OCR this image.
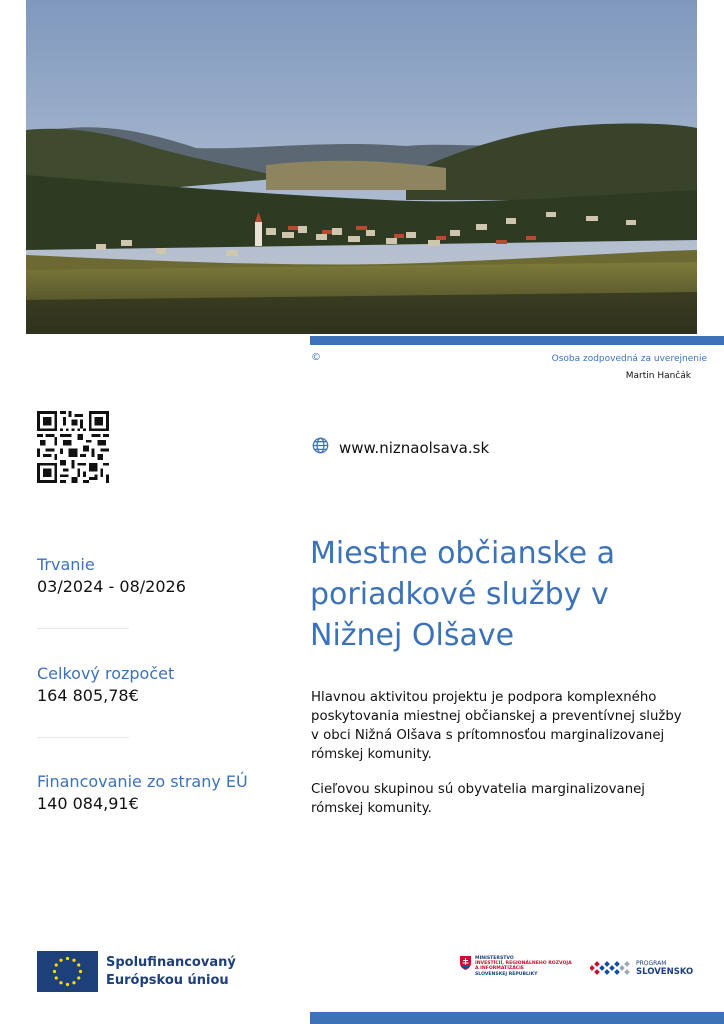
©	Osoba zodpovedná za uverejnenie
Martin Hančák
www.niznaolsava.sk
Trvanie
03/2024 - 08/2026
Celkový rozpočet
164 805,78€
Financovanie zo strany EÚ
140 084,91€
Miestne občianske a poriadkové služby v Nižnej Olšave

Hlavnou aktivitou projektu je podpora komplexného poskytovania miestnej občianskej a preventívnej služby v obci Nižná Olšava s prítomnosťou marginalizovanej rómskej komunity.

Cieľovou skupinou sú obyvatelia marginalizovanej rómskej komunity.

Spolufinancovaný
Európskou úniou
MINISTERSTVO
INVESTÍCIÍ, REGIONÁLNEHO ROZVOJA
A INFORMATIZÁCIE
SLOVENSKEJ REPUBLIKY
PROGRAM
SLOVENSKO
